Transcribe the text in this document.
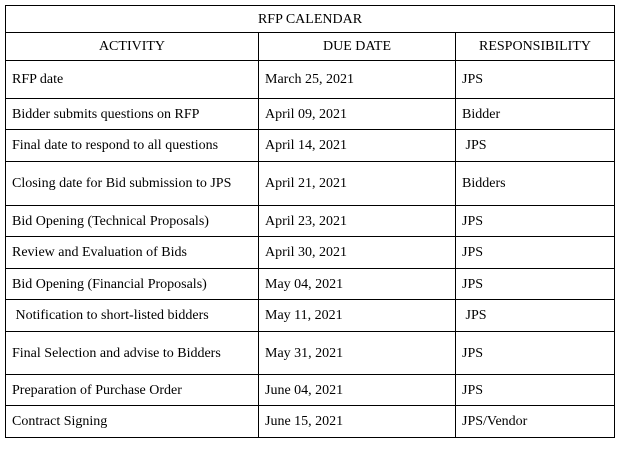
RFP CALENDAR		
ACTIVITY	DUE DATE	RESPONSIBILITY
RFP date	March 25, 2021	JPS
Bidder submits questions on RFP	April 09, 2021	Bidder
Final date to respond to all questions	April 14, 2021	JPS
Closing date for Bid submission to JPS	April 21, 2021	Bidders
Bid Opening (Technical Proposals)	April 23, 2021	JPS
Review and Evaluation of Bids	April 30, 2021	JPS
Bid Opening (Financial Proposals)	May 04, 2021	JPS
Notification to short-listed bidders	May 11, 2021	JPS
Final Selection and advise to Bidders	May 31, 2021	JPS
Preparation of Purchase Order	June 04, 2021	JPS
Contract Signing	June 15, 2021	JPS/Vendor
